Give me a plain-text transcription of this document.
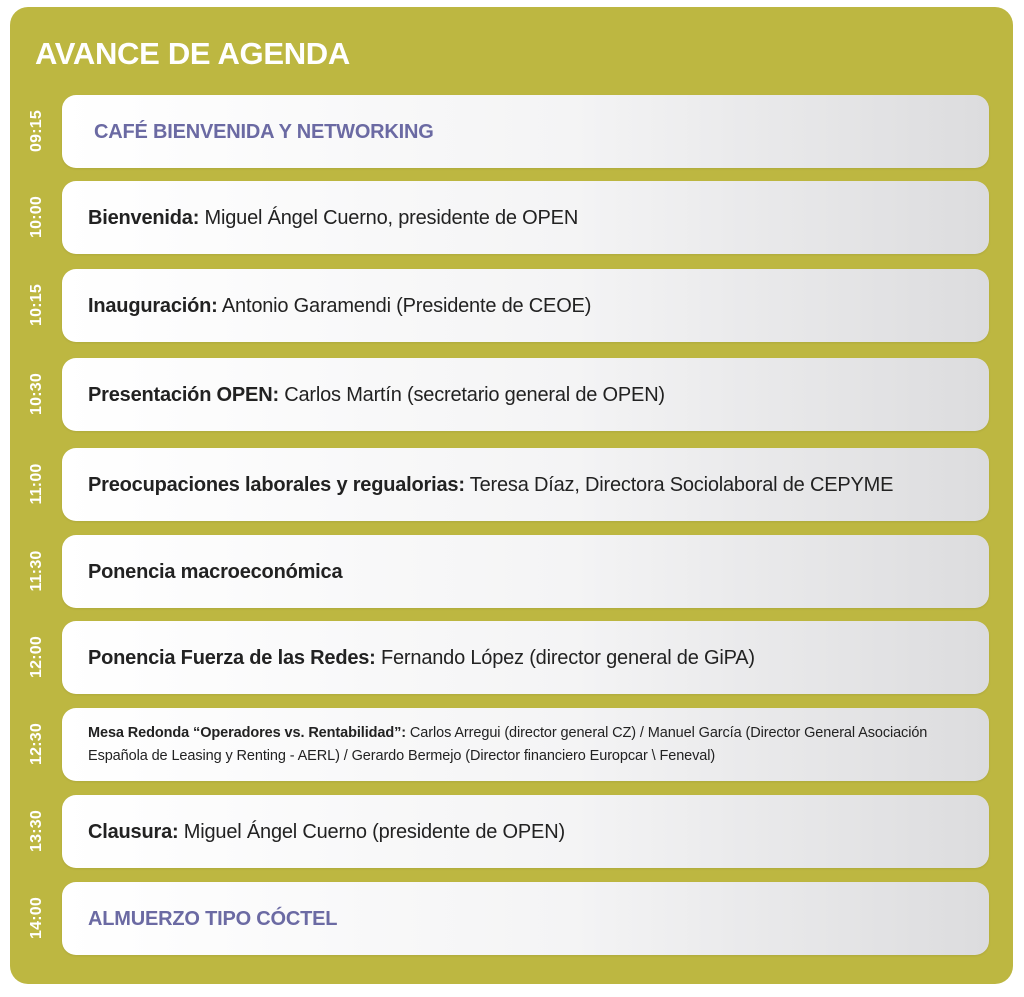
AVANCE DE AGENDA
09:15 CAFÉ BIENVENIDA Y NETWORKING
10:00 Bienvenida: Miguel Ángel Cuerno, presidente de OPEN
10:15 Inauguración: Antonio Garamendi (Presidente de CEOE)
10:30 Presentación OPEN: Carlos Martín (secretario general de OPEN)
11:00 Preocupaciones laborales y regualorias: Teresa Díaz, Directora Sociolaboral de CEPYME
11:30 Ponencia macroeconómica
12:00 Ponencia Fuerza de las Redes: Fernando López (director general de GiPA)
12:30	Mesa Redonda “Operadores vs. Rentabilidad”: Carlos Arregui (director general CZ) / Manuel García (Director General Asociación Española de Leasing y Renting - AERL) / Gerardo Bermejo (Director financiero Europcar \ Feneval)
13:30 Clausura: Miguel Ángel Cuerno (presidente de OPEN)
14:00 ALMUERZO TIPO CÓCTEL
